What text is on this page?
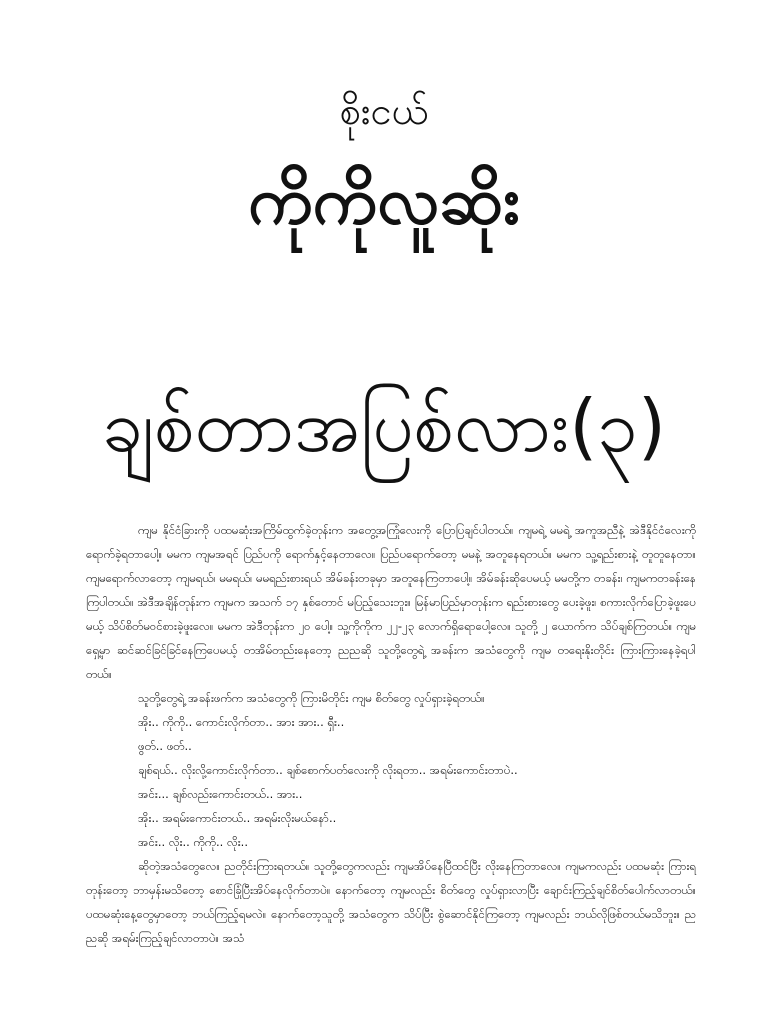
စိုးငယ်
ကိုကိုလူဆိုး
ချစ်တာအပြစ်လား(၃)

ကျမ နိုင်ငံခြားကို ပထမဆုံးအကြိမ်ထွက်ခဲ့တုန်းက အတွေ့အကြုံလေးကို ပြောပြချင်ပါတယ်။ ကျမရဲ့ မမရဲ့ အကူအညီနဲ့ အဲဒီနိုင်ငံလေးကိုရောက်ခဲ့ရတာပေါ့။ မမက ကျမအရင် ပြည်ပကို ရောက်နှင့်နေတာလေ။ ပြည်ပရောက်တော့ မမနဲ့ အတူနေရတယ်။ မမက သူ့ရည်းစားနဲ့ တူတူနေတာ။ ကျမရောက်လာတော့ ကျမရယ်၊ မမရယ်၊ မမရည်းစားရယ် အိမ်ခန်းတခုမှာ အတူနေကြတာပေါ့။ အိမ်ခန်းဆိုပေမယ့် မမတို့က တခန်း၊ ကျမကတခန်းနေကြပါတယ်။ အဲဒီအချိန်တုန်းက ကျမက အသက် ၁၇ နှစ်တောင် မပြည့်သေးဘူး။ မြန်မာပြည်မှာတုန်းက ရည်းစားတွေ ပေးခဲ့ဖူး၊ စကားလိုက်ပြောခဲ့ဖူးပေမယ့် သိပ်စိတ်မဝင်စားခဲ့ဖူးလေ။ မမက အဲဒီတုန်းက ၂၀ ပေါ့။ သူ့ကိုကိုက ၂၂-၂၃ လောက်ရှိရောပေါ့လေ။ သူတို့ ၂ ယောက်က သိပ်ချစ်ကြတယ်။ ကျမရှေ့မှာ ဆင်ဆင်ခြင်ခြင်နေကြပေမယ့် တအိမ်တည်းနေတော့ ညညဆို သူတို့တွေရဲ့ အခန်းက အသံတွေကို ကျမ တရေးနိုးတိုင်း ကြားကြားနေခဲ့ရပါတယ်။

သူတို့တွေရဲ့ အခန်းဖက်က အသံတွေကို ကြားမိတိုင်း ကျမ စိတ်တွေ လှုပ်ရှားခဲ့ရတယ်။

အိုး.. ကိုကို.. ကောင်းလိုက်တာ.. အား အား.. ရှီး..

ဖွတ်.. ဖတ်..

ချစ်ရယ်.. လိုးလို့ကောင်းလိုက်တာ.. ချစ်စောက်ပတ်လေးကို လိုးရတာ.. အရမ်းကောင်းတာပဲ..

အင်း... ချစ်လည်းကောင်းတယ်.. အား..

အိုး.. အရမ်းကောင်းတယ်.. အရမ်းလိုးမယ်နော်..

အင်း.. လိုး.. ကိုကို.. လိုး..

ဆိုတဲ့အသံတွေလေ။ ညတိုင်းကြားရတယ်။ သူတို့တွေကလည်း ကျမအိပ်နေပြီထင်ပြီး လိုးနေကြတာလေ။ ကျမကလည်း ပထမဆုံး ကြားရတုန်းတော့ ဘာမှန်းမသိတော့ စောင်ခြုံပြီးအိပ်နေလိုက်တာပဲ။ နောက်တော့ ကျမလည်း စိတ်တွေ လှုပ်ရှားလာပြီး ချောင်းကြည့်ချင်စိတ်ပေါက်လာတယ်။ ပထမဆုံးနေ့တွေမှာတော့ ဘယ်ကြည့်ရမလဲ။ နောက်တော့သူတို့ အသံတွေက သိပ်ပြီး စွဲဆောင်နိုင်ကြတော့ ကျမလည်း ဘယ်လိုဖြစ်တယ်မသိဘူး။ ညညဆို အရမ်းကြည့်ချင်လာတာပဲ။ အသံ
